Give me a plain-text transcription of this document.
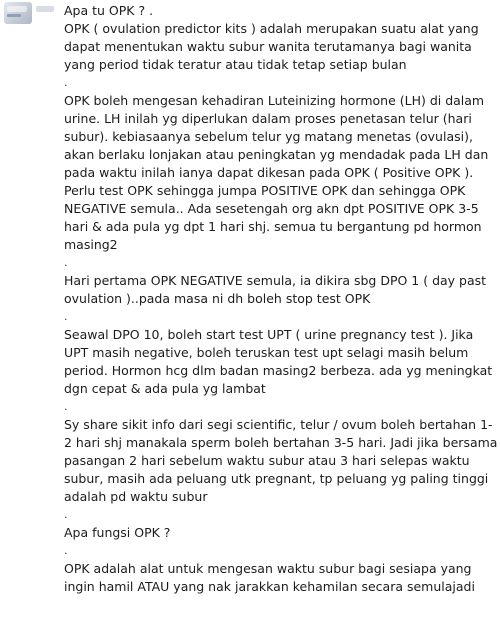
Apa tu OPK ? .
OPK ( ovulation predictor kits ) adalah merupakan suatu alat yang
dapat menentukan waktu subur wanita terutamanya bagi wanita
yang period tidak teratur atau tidak tetap setiap bulan
.
OPK boleh mengesan kehadiran Luteinizing hormone (LH) di dalam
urine. LH inilah yg diperlukan dalam proses penetasan telur (hari
subur). kebiasaanya sebelum telur yg matang menetas (ovulasi),
akan berlaku lonjakan atau peningkatan yg mendadak pada LH dan
pada waktu inilah ianya dapat dikesan pada OPK ( Positive OPK ).
Perlu test OPK sehingga jumpa POSITIVE OPK dan sehingga OPK
NEGATIVE semula.. Ada sesetengah org akn dpt POSITIVE OPK 3-5
hari & ada pula yg dpt 1 hari shj. semua tu bergantung pd hormon
masing2
.
Hari pertama OPK NEGATIVE semula, ia dikira sbg DPO 1 ( day past
ovulation )..pada masa ni dh boleh stop test OPK
.
Seawal DPO 10, boleh start test UPT ( urine pregnancy test ). Jika
UPT masih negative, boleh teruskan test upt selagi masih belum
period. Hormon hcg dlm badan masing2 berbeza. ada yg meningkat
dgn cepat & ada pula yg lambat
.
Sy share sikit info dari segi scientific, telur / ovum boleh bertahan 1-
2 hari shj manakala sperm boleh bertahan 3-5 hari. Jadi jika bersama
pasangan 2 hari sebelum waktu subur atau 3 hari selepas waktu
subur, masih ada peluang utk pregnant, tp peluang yg paling tinggi
adalah pd waktu subur
.
Apa fungsi OPK ?
.
OPK adalah alat untuk mengesan waktu subur bagi sesiapa yang
ingin hamil ATAU yang nak jarakkan kehamilan secara semulajadi
